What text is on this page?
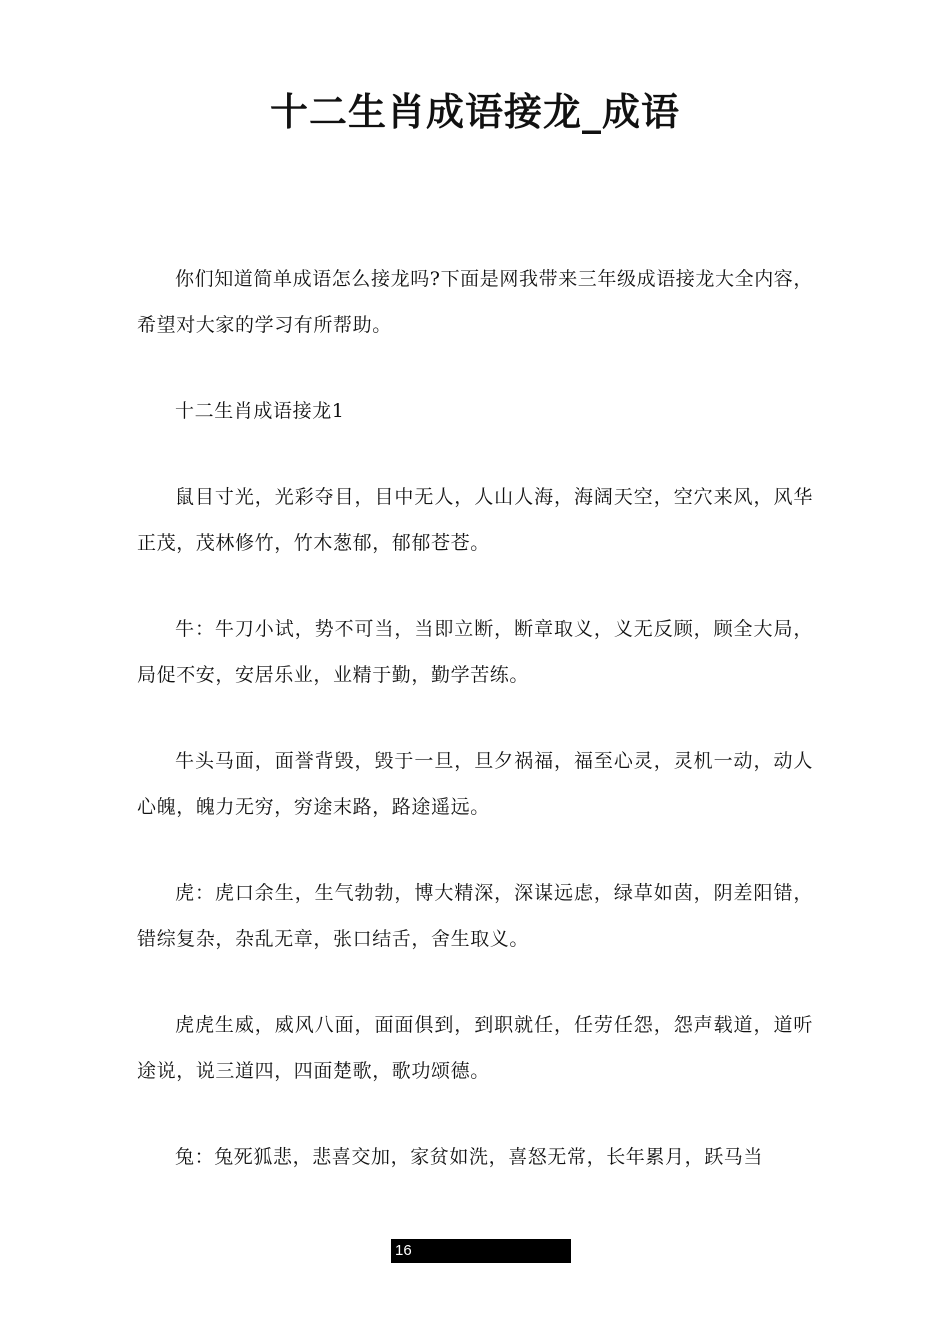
十二生肖成语接龙_成语

你们知道简单成语怎么接龙吗?下面是网我带来三年级成语接龙大全内容，希望对大家的学习有所帮助。

十二生肖成语接龙1

鼠目寸光，光彩夺目，目中无人，人山人海，海阔天空，空穴来风，风华正茂，茂林修竹，竹木葱郁，郁郁苍苍。

牛：牛刀小试，势不可当，当即立断，断章取义，义无反顾，顾全大局，局促不安，安居乐业，业精于勤，勤学苦练。

牛头马面，面誉背毁，毁于一旦，旦夕祸福，福至心灵，灵机一动，动人心魄，魄力无穷，穷途末路，路途遥远。

虎：虎口余生，生气勃勃，博大精深，深谋远虑，绿草如茵，阴差阳错，错综复杂，杂乱无章，张口结舌，舍生取义。

虎虎生威，威风八面，面面俱到，到职就任，任劳任怨，怨声载道，道听途说，说三道四，四面楚歌，歌功颂德。

兔：兔死狐悲，悲喜交加，家贫如洗，喜怒无常，长年累月，跃马当

16
